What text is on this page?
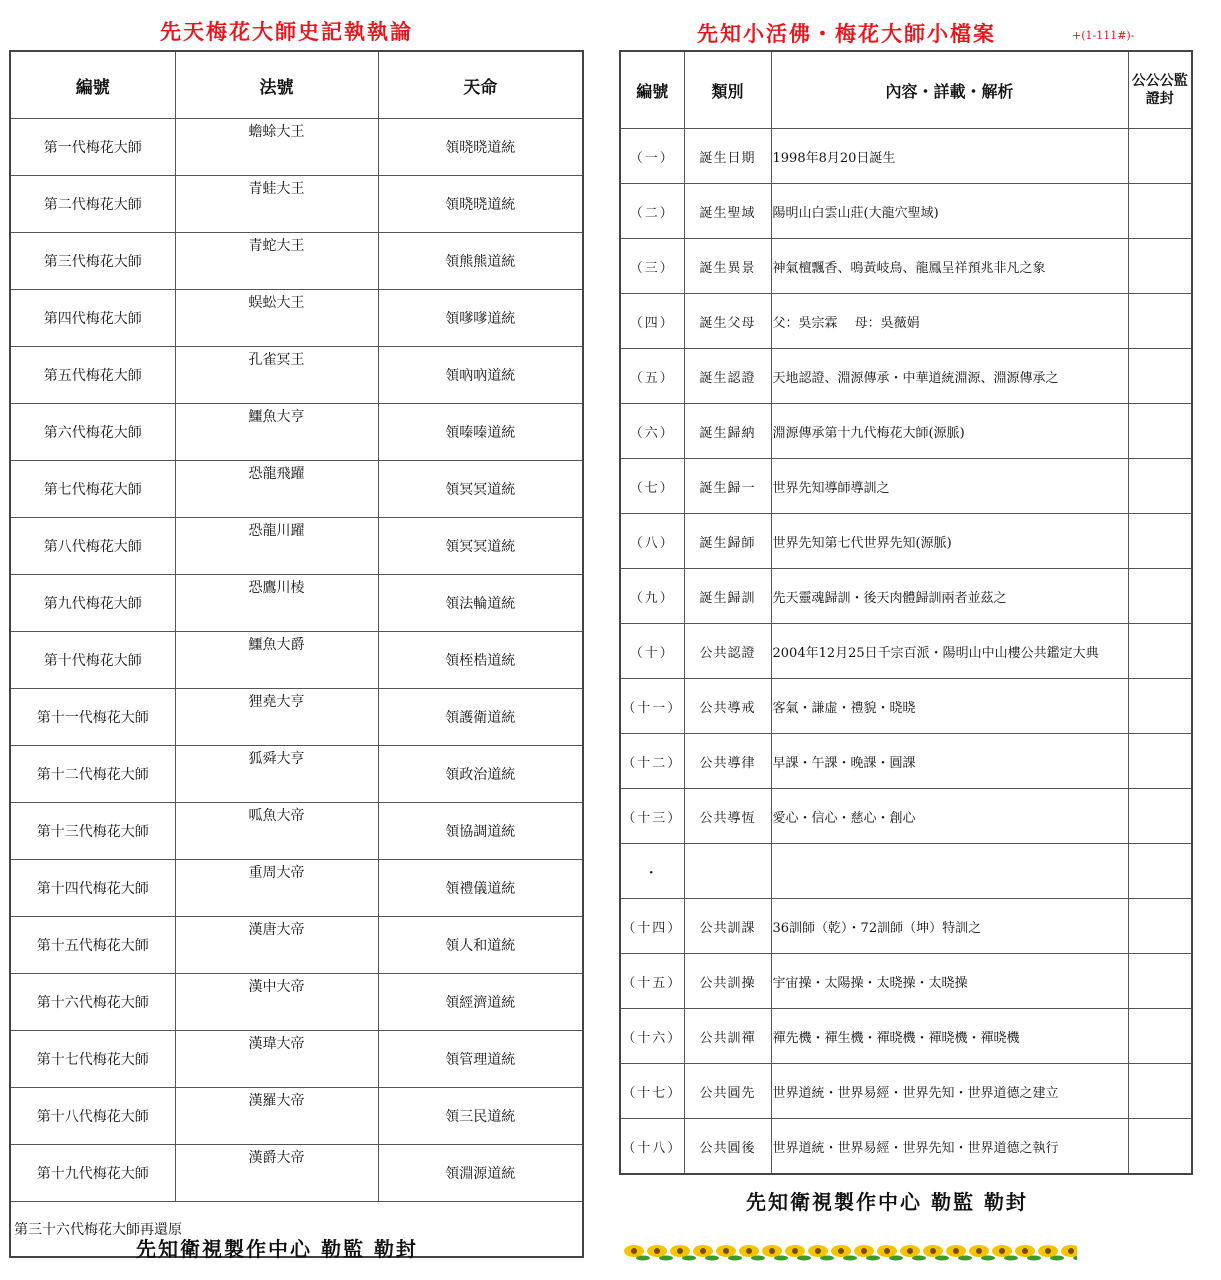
先天梅花大師史記執執論	先知小活佛・梅花大師小檔案	+(1-111#)-
編號	法號	天命
第一代梅花大師	蟾蜍大王	領𣇈𣇈道統
第二代梅花大師	青蛙大王	領𣇈𣇈道統
第三代梅花大師	青蛇大王	領熊熊道統
第四代梅花大師	蜈蚣大王	領嗲嗲道統
第五代梅花大師	孔雀冥王	領吶吶道統
第六代梅花大師	鱷魚大亨	領嗪嗪道統
第七代梅花大師	恐龍飛躍	領冥冥道統
第八代梅花大師	恐龍川躍	領冥冥道統
第九代梅花大師	恐鷹川棱	領法輪道統
第十代梅花大師	鱷魚大爵	領桎梏道統
第十一代梅花大師	狸堯大亨	領護衛道統
第十二代梅花大師	狐舜大亨	領政治道統
第十三代梅花大師	呱魚大帝	領協調道統
第十四代梅花大師	重周大帝	領禮儀道統
第十五代梅花大師	漢唐大帝	領人和道統
第十六代梅花大師	漢中大帝	領經濟道統
第十七代梅花大師	漢瑋大帝	領管理道統
第十八代梅花大師	漢羅大帝	領三民道統
第十九代梅花大師	漢爵大帝	領淵源道統
第三十六代梅花大師再還原		
編號	類別	內容・詳載・解析	公公公監證封
（一）	誕生日期	1998年8月20日誕生	
（二）	誕生聖域	陽明山白雲山莊(大龍穴聖域)	
（三）	誕生異景	神氣檀飄香、鳴黃岐鳥、龍鳳呈祥預兆非凡之象	
（四）	誕生父母	父：吳宗霖　 母：吳薇娟	
（五）	誕生認證	天地認證、淵源傳承・中華道統淵源、淵源傳承之	
（六）	誕生歸納	淵源傳承第十九代梅花大師(源脈)	
（七）	誕生歸一	世界先知導師導訓之	
（八）	誕生歸師	世界先知第七代世界先知(源脈)	
（九）	誕生歸訓	先天靈魂歸訓・後天肉體歸訓兩者並茲之	
（十）	公共認證	2004年12月25日千宗百派・陽明山中山樓公共鑑定大典	
（十一）	公共導戒	客氣・謙虛・禮貌・𣇈𣇈	
（十二）	公共導律	早課・午課・晚課・圓課	
（十三）	公共導恆	愛心・信心・慈心・創心	
・			
（十四）	公共訓課	36訓師（乾）・72訓師（坤）特訓之	
（十五）	公共訓操	宇宙操・太陽操・太𣇈操・太𣇈操	
（十六）	公共訓禪	禪先機・禪生機・禪𣇈機・禪𣇈機・禪𣇈機	
（十七）	公共圓先	世界道統・世界易經・世界先知・世界道德之建立	
（十八）	公共圓後	世界道統・世界易經・世界先知・世界道德之執行	
先知衛視製作中心 勒監 勒封
先知衛視製作中心 勒監 勒封
